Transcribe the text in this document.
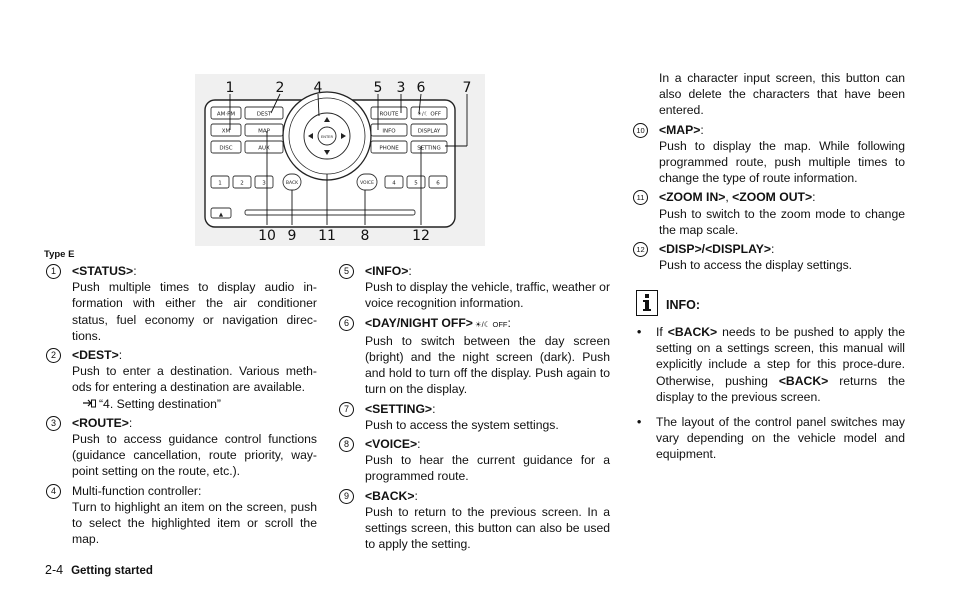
AM·FM	DEST
XM	MAP
DISC	AUX
ROUTE	☀/☾ OFF
INFO	DISPLAY
PHONE	SETTING
1	2	3	4	5	6
BACK	VOICE
▲
ENTER
1	2 4	5 3 6	7
10 9 11 8	12
Type E
1	<STATUS>:
Push multiple times to display audio in-formation with either the air conditioner status, fuel economy or navigation direc-tions.
2	<DEST>:
Push to enter a destination. Various meth-ods for entering a destination are available.
“4. Setting destination”
3	<ROUTE>:
Push to access guidance control functions (guidance cancellation, route priority, way-point setting on the route, etc.).
4	Multi-function controller:
Turn to highlight an item on the screen, push to select the highlighted item or scroll the map.
5	<INFO>:
Push to display the vehicle, traffic, weather or voice recognition information.
6	<DAY/NIGHT OFF> ☀/☾ OFF:
Push to switch between the day screen (bright) and the night screen (dark). Push and hold to turn off the display. Push again to turn on the display.
7	<SETTING>:
Push to access the system settings.
8	<VOICE>:
Push to hear the current guidance for a programmed route.
9	<BACK>:
Push to return to the previous screen. In a settings screen, this button can also be used to apply the setting.
In a character input screen, this button can also delete the characters that have been entered.
10 <MAP>:
Push to display the map. While following programmed route, push multiple times to change the type of route information.
11 <ZOOM IN>, <ZOOM OUT>:
Push to switch to the zoom mode to change the map scale.
12 <DISP>/<DISPLAY>:
Push to access the display settings.
INFO:
• If <BACK> needs to be pushed to apply the setting on a settings screen, this manual will explicitly include a step for this proce-dure. Otherwise, pushing <BACK> returns the display to the previous screen.
• The layout of the control panel switches may vary depending on the vehicle model and equipment.
2-4 Getting started
